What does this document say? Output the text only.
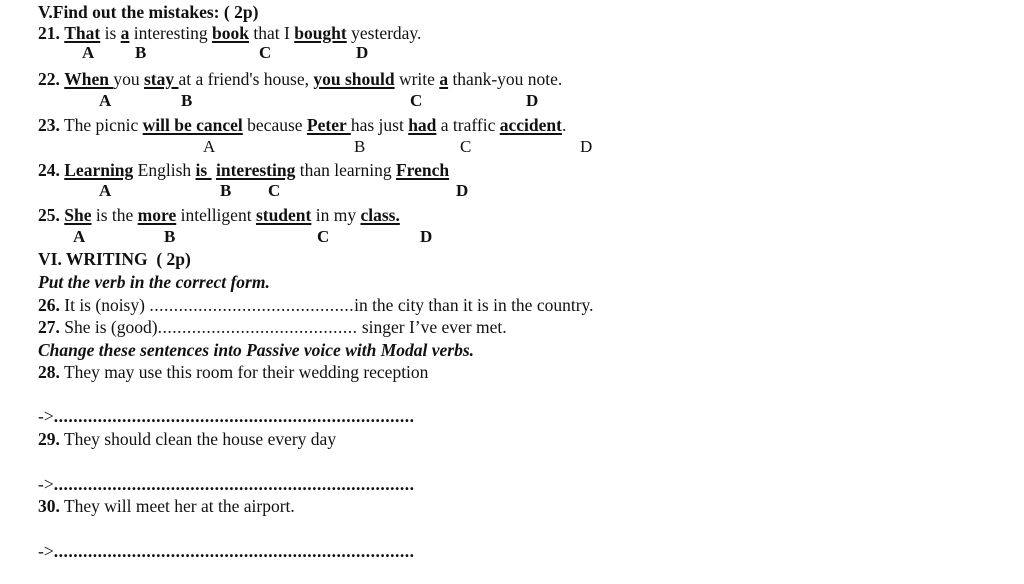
V.Find out the mistakes: ( 2p)
21. That is a interesting book that I bought yesterday.
A B	C	D
22. When you stay at a friend's house, you should write a thank-you note.
A	B	C	D
23. The picnic will be cancel because Peter has just had a traffic accident.
A	B	C	D
24. Learning English is  interesting than learning French
A	B C	D
25. She is the more intelligent student in my class.
A	B	C	D
VI. WRITING  ( 2p)
Put the verb in the correct form.
26. It is (noisy) ..........................................in the city than it is in the country.
27. She is (good)......................................... singer I’ve ever met.
Change these sentences into Passive voice with Modal verbs.
28. They may use this room for their wedding reception
->..........................................................................
29. They should clean the house every day
->..........................................................................
30. They will meet her at the airport.
->..........................................................................
